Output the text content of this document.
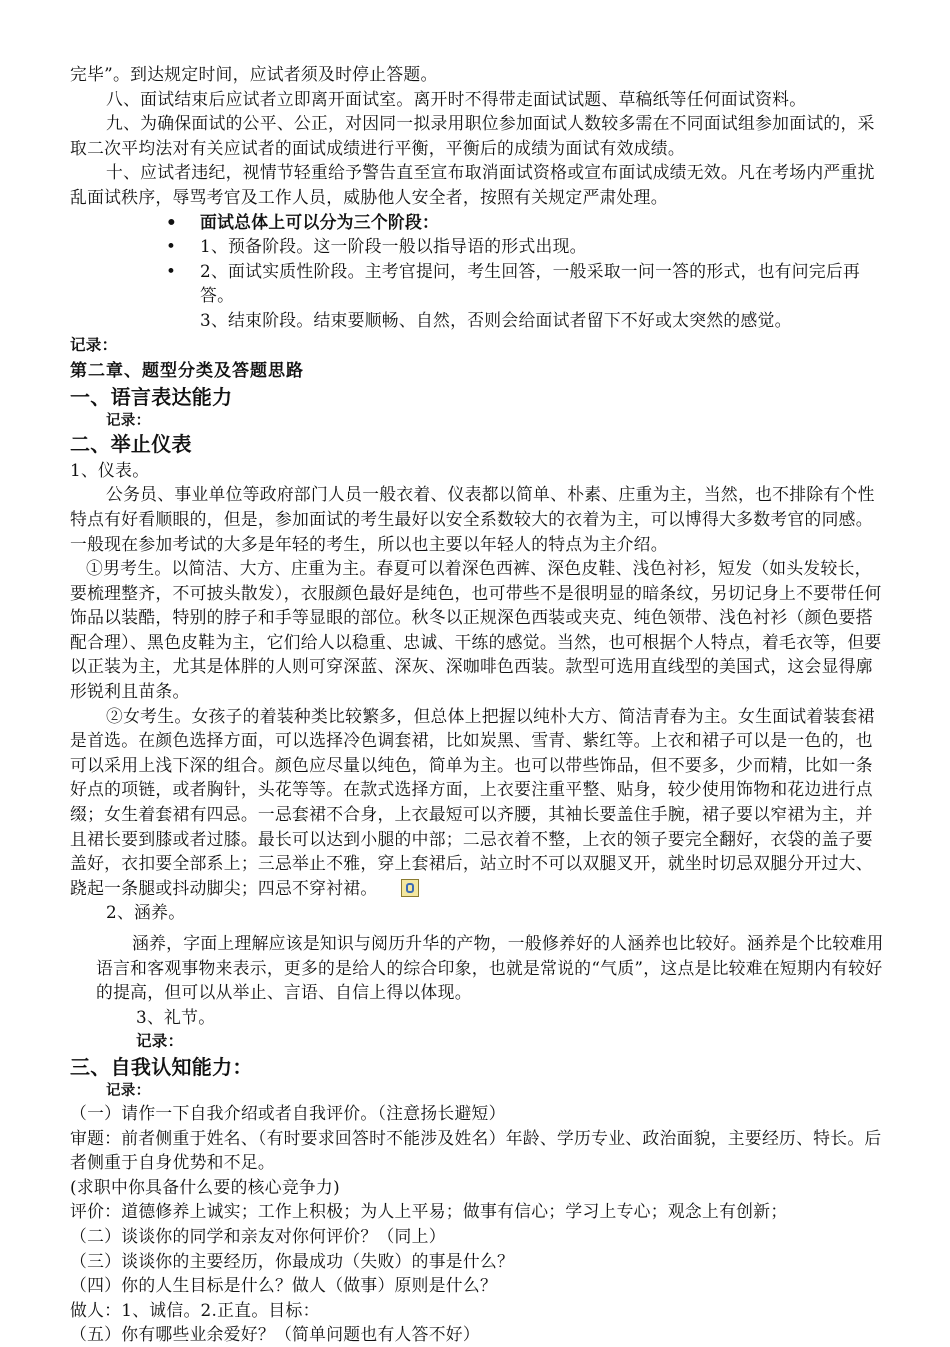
完毕”。到达规定时间，应试者须及时停止答题。

八、面试结束后应试者立即离开面试室。离开时不得带走面试试题、草稿纸等任何面试资料。

九、为确保面试的公平、公正，对因同一拟录用职位参加面试人数较多需在不同面试组参加面试的，采取二次平均法对有关应试者的面试成绩进行平衡，平衡后的成绩为面试有效成绩。

十、应试者违纪，视情节轻重给予警告直至宣布取消面试资格或宣布面试成绩无效。凡在考场内严重扰乱面试秩序，辱骂考官及工作人员，威胁他人安全者，按照有关规定严肃处理。

• 面试总体上可以分为三个阶段：
• 1、预备阶段。这一阶段一般以指导语的形式出现。
• 2、面试实质性阶段。主考官提问，考生回答，一般采取一问一答的形式，也有问完后再答。

3、结束阶段。结束要顺畅、自然，否则会给面试者留下不好或太突然的感觉。

记录：

第二章、题型分类及答题思路

一、语言表达能力

记录：

二、举止仪表

1、仪表。

公务员、事业单位等政府部门人员一般衣着、仪表都以简单、朴素、庄重为主，当然，也不排除有个性特点有好看顺眼的，但是，参加面试的考生最好以安全系数较大的衣着为主，可以博得大多数考官的同感。一般现在参加考试的大多是年轻的考生，所以也主要以年轻人的特点为主介绍。

①男考生。以简洁、大方、庄重为主。春夏可以着深色西裤、深色皮鞋、浅色衬衫，短发（如头发较长，要梳理整齐，不可披头散发），衣服颜色最好是纯色，也可带些不是很明显的暗条纹，另切记身上不要带任何饰品以装酷，特别的脖子和手等显眼的部位。秋冬以正规深色西装或夹克、纯色领带、浅色衬衫（颜色要搭配合理）、黑色皮鞋为主，它们给人以稳重、忠诚、干练的感觉。当然，也可根据个人特点，着毛衣等，但要以正装为主，尤其是体胖的人则可穿深蓝、深灰、深咖啡色西装。款型可选用直线型的美国式，这会显得廓形锐利且苗条。

②女考生。女孩子的着装种类比较繁多，但总体上把握以纯朴大方、简洁青春为主。女生面试着装套裙是首选。在颜色选择方面，可以选择冷色调套裙，比如炭黑、雪青、紫红等。上衣和裙子可以是一色的，也可以采用上浅下深的组合。颜色应尽量以纯色，简单为主。也可以带些饰品，但不要多，少而精，比如一条好点的项链，或者胸针，头花等等。在款式选择方面，上衣要注重平整、贴身，较少使用饰物和花边进行点缀；女生着套裙有四忌。一忌套裙不合身，上衣最短可以齐腰，其袖长要盖住手腕，裙子要以窄裙为主，并且裙长要到膝或者过膝。最长可以达到小腿的中部；二忌衣着不整，上衣的领子要完全翻好，衣袋的盖子要盖好，衣扣要全部系上；三忌举止不雅，穿上套裙后，站立时不可以双腿叉开，就坐时切忌双腿分开过大、跷起一条腿或抖动脚尖；四忌不穿衬裙。

2、涵养。

涵养，字面上理解应该是知识与阅历升华的产物，一般修养好的人涵养也比较好。涵养是个比较难用语言和客观事物来表示，更多的是给人的综合印象，也就是常说的“气质”，这点是比较难在短期内有较好的提高，但可以从举止、言语、自信上得以体现。

3、礼节。

记录：

三、自我认知能力：

记录：

（一）请作一下自我介绍或者自我评价。（注意扬长避短）

审题：前者侧重于姓名、（有时要求回答时不能涉及姓名）年龄、学历专业、政治面貌，主要经历、特长。后者侧重于自身优势和不足。

(求职中你具备什么要的核心竞争力)

评价：道德修养上诚实；工作上积极；为人上平易；做事有信心；学习上专心；观念上有创新；

（二）谈谈你的同学和亲友对你何评价？（同上）

（三）谈谈你的主要经历，你最成功（失败）的事是什么？

（四）你的人生目标是什么？做人（做事）原则是什么？

做人：1、诚信。2.正直。目标：

（五）你有哪些业余爱好？（简单问题也有人答不好）
